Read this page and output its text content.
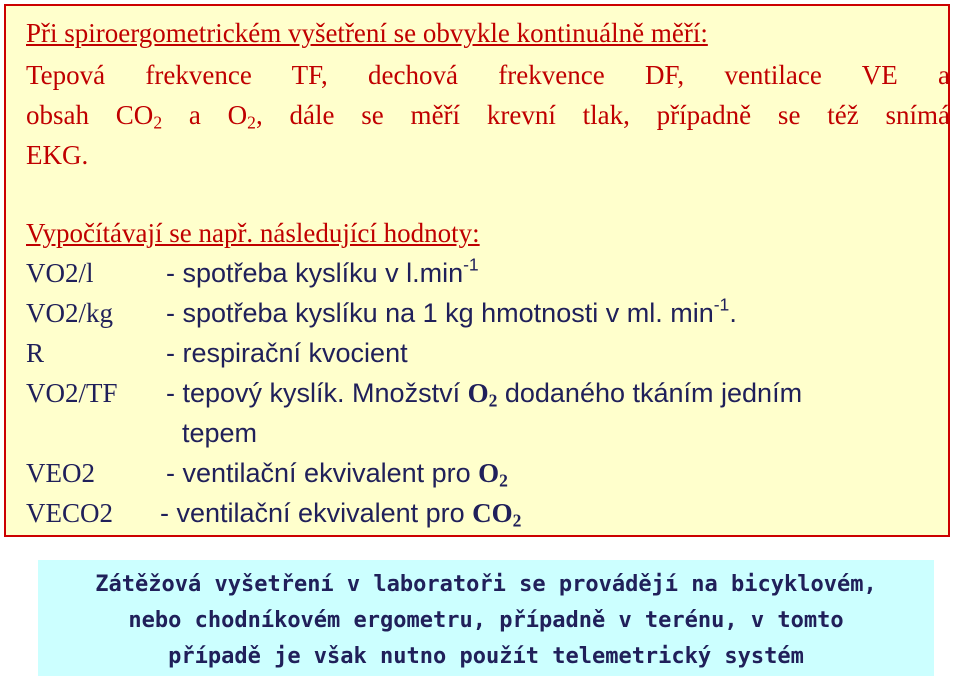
Při spiroergometrickém vyšetření se obvykle kontinuálně měří:
Tepová frekvence TF, dechová frekvence DF, ventilace VE a
obsah $CO_2$ a $O_2$, dále se měří krevní tlak, případně se též snímá
EKG.
Vypočítávají se např. následující hodnoty:
VO2/l	- spotřeba kyslíku v $l.\min^{-1}$
VO2/kg - spotřeba kyslíku na 1 kg hmotnosti v ml. $\min^{-1}$.
R	- respirační kvocient
VO2/TF - tepový kyslík. Množství $O_2$ dodaného tkáním jedním
tepem
VEO2	- ventilační ekvivalent pro $O_2$
VECO2 - ventilační ekvivalent pro $CO_2$
Zátěžová vyšetření v laboratoři se provádějí na bicyklovém,
nebo chodníkovém ergometru, případně v terénu, v tomto
případě je však nutno použít telemetrický systém
